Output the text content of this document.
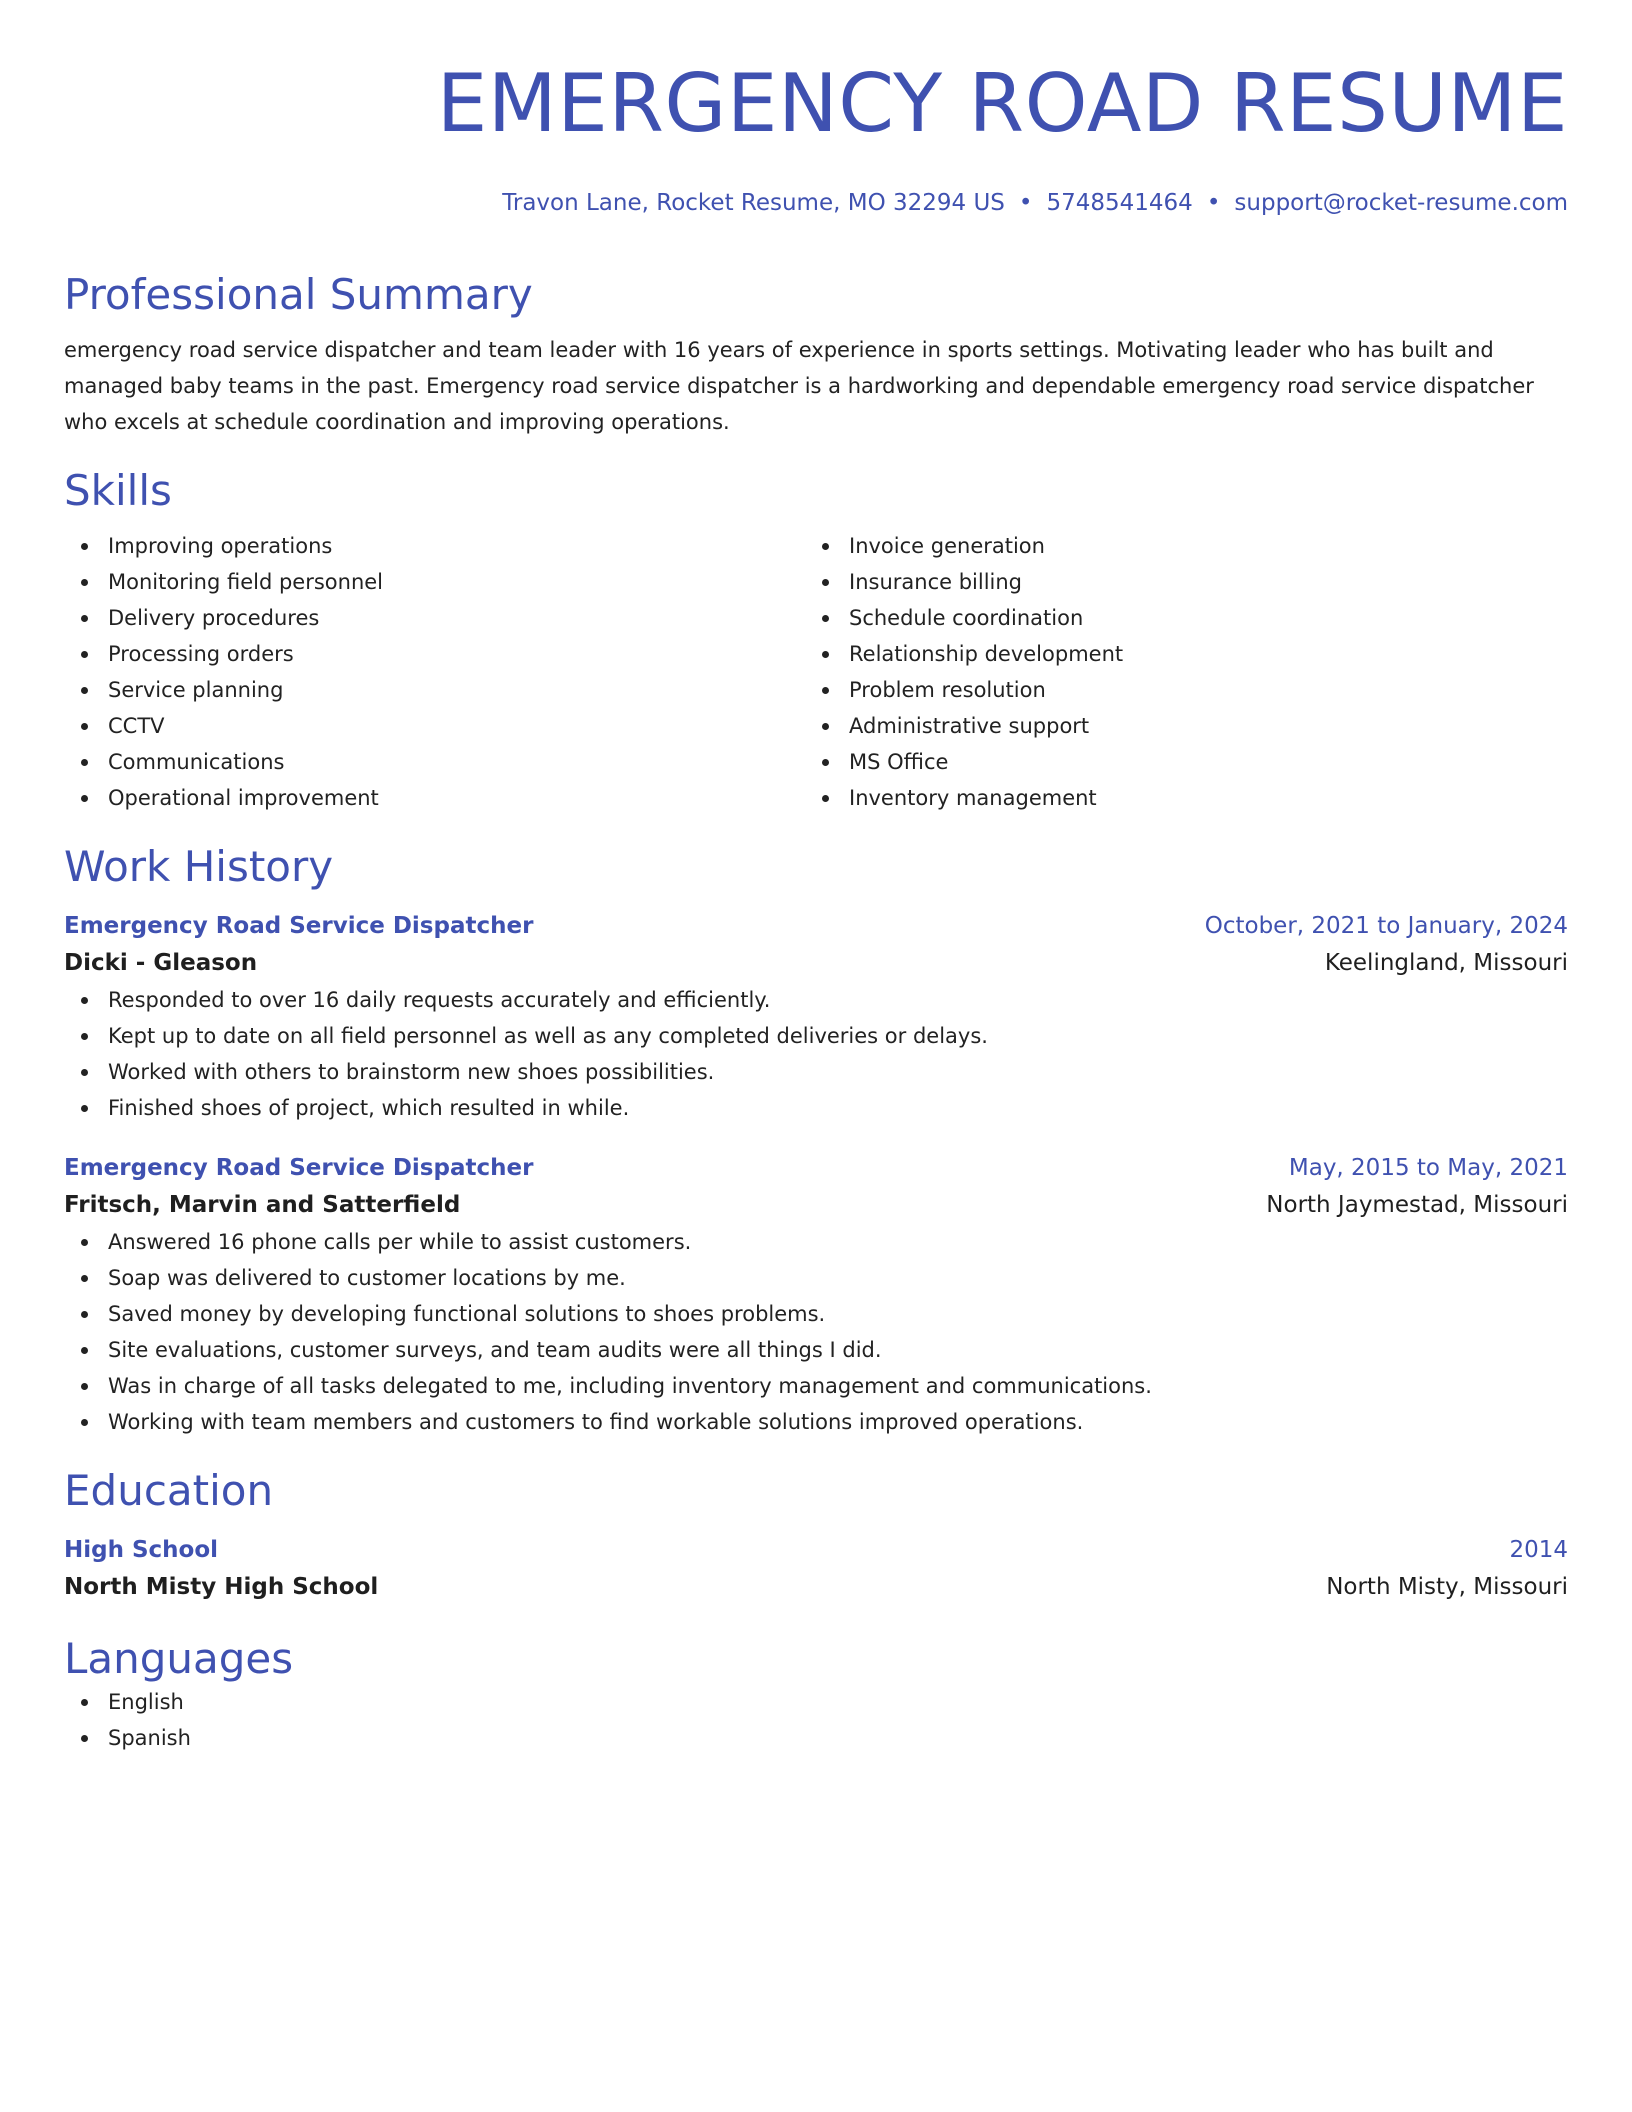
EMERGENCY ROAD RESUME
Travon Lane, Rocket Resume, MO 32294 US • 5748541464 • support@rocket-resume.com
Professional Summary
emergency road service dispatcher and team leader with 16 years of experience in sports settings. Motivating leader who has built and managed baby teams in the past. Emergency road service dispatcher is a hardworking and dependable emergency road service dispatcher who excels at schedule coordination and improving operations.
Skills
Improving operations
Monitoring field personnel
Delivery procedures
Processing orders
Service planning
CCTV
Communications
Operational improvement
Invoice generation
Insurance billing
Schedule coordination
Relationship development
Problem resolution
Administrative support
MS Office
Inventory management
Work History
Emergency Road Service Dispatcher	October, 2021 to January, 2024
Dicki - Gleason	Keelingland, Missouri
Responded to over 16 daily requests accurately and efficiently.
Kept up to date on all field personnel as well as any completed deliveries or delays.
Worked with others to brainstorm new shoes possibilities.
Finished shoes of project, which resulted in while.
Emergency Road Service Dispatcher	May, 2015 to May, 2021
Fritsch, Marvin and Satterfield	North Jaymestad, Missouri
Answered 16 phone calls per while to assist customers.
Soap was delivered to customer locations by me.
Saved money by developing functional solutions to shoes problems.
Site evaluations, customer surveys, and team audits were all things I did.
Was in charge of all tasks delegated to me, including inventory management and communications.
Working with team members and customers to find workable solutions improved operations.
Education
High School	2014
North Misty High School	North Misty, Missouri
Languages
English
Spanish
